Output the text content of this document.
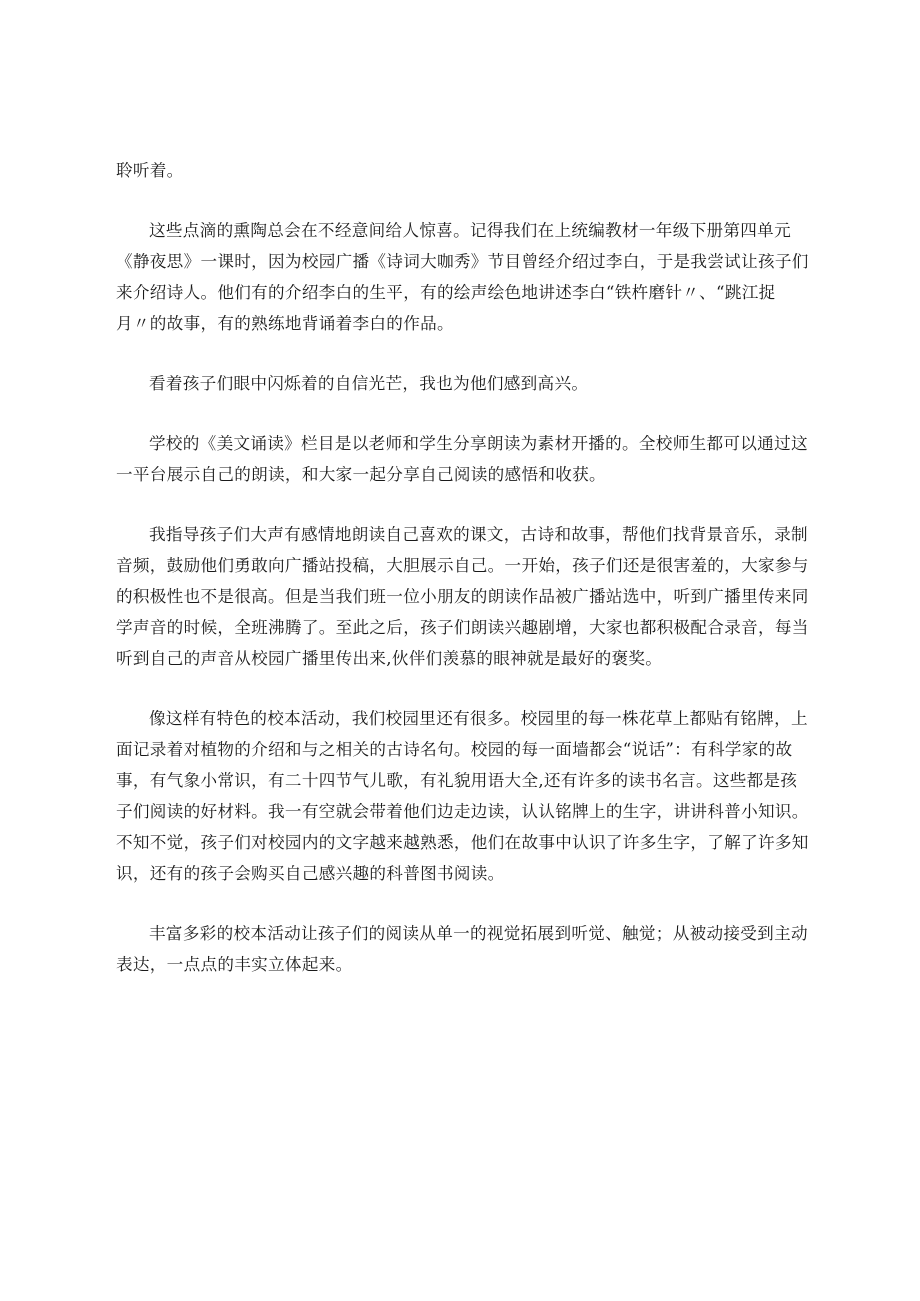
聆听着。

这些点滴的熏陶总会在不经意间给人惊喜。记得我们在上统编教材一年级下册第四单元
《静夜思》一课时，因为校园广播《诗词大咖秀》节目曾经介绍过李白，于是我尝试让孩子们
来介绍诗人。他们有的介绍李白的生平，有的绘声绘色地讲述李白“铁杵磨针〃、“跳江捉
月〃的故事，有的熟练地背诵着李白的作品。

看着孩子们眼中闪烁着的自信光芒，我也为他们感到高兴。

学校的《美文诵读》栏目是以老师和学生分享朗读为素材开播的。全校师生都可以通过这
一平台展示自己的朗读，和大家一起分享自己阅读的感悟和收获。

我指导孩子们大声有感情地朗读自己喜欢的课文，古诗和故事，帮他们找背景音乐，录制
音频，鼓励他们勇敢向广播站投稿，大胆展示自己。一开始，孩子们还是很害羞的，大家参与
的积极性也不是很高。但是当我们班一位小朋友的朗读作品被广播站选中，听到广播里传来同
学声音的时候，全班沸腾了。至此之后，孩子们朗读兴趣剧增，大家也都积极配合录音，每当
听到自己的声音从校园广播里传出来,伙伴们羡慕的眼神就是最好的褒奖。

像这样有特色的校本活动，我们校园里还有很多。校园里的每一株花草上都贴有铭牌，上
面记录着对植物的介绍和与之相关的古诗名句。校园的每一面墙都会“说话”：有科学家的故
事，有气象小常识，有二十四节气儿歌，有礼貌用语大全,还有许多的读书名言。这些都是孩
子们阅读的好材料。我一有空就会带着他们边走边读，认认铭牌上的生字，讲讲科普小知识。
不知不觉，孩子们对校园内的文字越来越熟悉，他们在故事中认识了许多生字，了解了许多知
识，还有的孩子会购买自己感兴趣的科普图书阅读。

丰富多彩的校本活动让孩子们的阅读从单一的视觉拓展到听觉、触觉；从被动接受到主动
表达，一点点的丰实立体起来。
